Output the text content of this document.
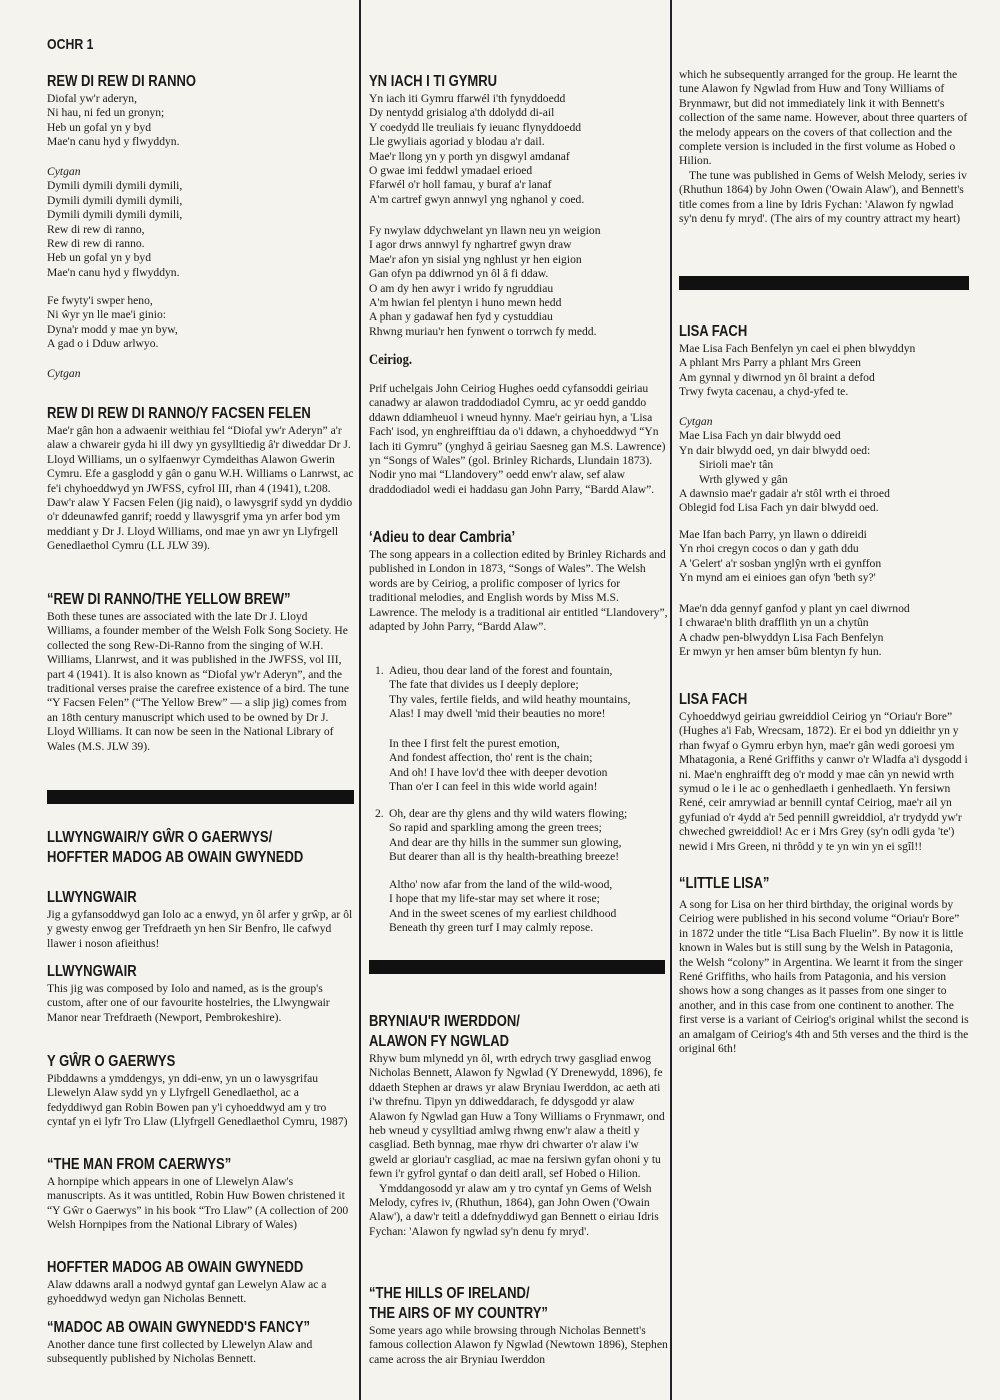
OCHR 1
REW DI REW DI RANNO
Diofal yw'r aderyn,
Ni hau, ni fed un gronyn;
Heb un gofal yn y byd
Mae'n canu hyd y flwyddyn.
Cytgan
Dymili dymili dymili dymili,
Dymili dymili dymili dymili,
Dymili dymili dymili dymili,
Rew di rew di ranno,
Rew di rew di ranno.
Heb un gofal yn y byd
Mae'n canu hyd y flwyddyn.
Fe fwyty'i swper heno,
Ni ŵyr yn lle mae'i ginio:
Dyna'r modd y mae yn byw,
A gad o i Dduw arlwyo.
Cytgan
REW DI REW DI RANNO/Y FACSEN FELEN

Mae'r gân hon a adwaenir weithiau fel “Diofal yw'r Aderyn” a'r alaw a chwareir gyda hi ill dwy yn gysylltiedig â'r diweddar Dr J. Lloyd Williams, un o sylfaenwyr Cymdeithas Alawon Gwerin Cymru. Efe a gasglodd y gân o ganu W.H. Williams o Lanrwst, ac fe'i chyhoeddwyd yn JWFSS, cyfrol III, rhan 4 (1941), t.208. Daw'r alaw Y Facsen Felen (jig naid), o lawysgrif sydd yn dyddio o'r ddeunawfed ganrif; roedd y llawysgrif yma yn arfer bod ym meddiant y Dr J. Lloyd Williams, ond mae yn awr yn Llyfrgell Genedlaethol Cymru (LL JLW 39).

“REW DI RANNO/THE YELLOW BREW”

Both these tunes are associated with the late Dr J. Lloyd Williams, a founder member of the Welsh Folk Song Society. He collected the song Rew-Di-Ranno from the singing of W.H. Williams, Llanrwst, and it was published in the JWFSS, vol III, part 4 (1941). It is also known as “Diofal yw'r Aderyn”, and the traditional verses praise the carefree existence of a bird. The tune “Y Facsen Felen” (“The Yellow Brew” — a slip jig) comes from an 18th century manuscript which used to be owned by Dr J. Lloyd Williams. It can now be seen in the National Library of Wales (M.S. JLW 39).

LLWYNGWAIR/Y GŴR O GAERWYS/
HOFFTER MADOG AB OWAIN GWYNEDD
LLWYNGWAIR

Jig a gyfansoddwyd gan Iolo ac a enwyd, yn ôl arfer y grŵp, ar ôl y gwesty enwog ger Trefdraeth yn hen Sir Benfro, lle cafwyd llawer i noson afieithus!

LLWYNGWAIR

This jig was composed by Iolo and named, as is the group's custom, after one of our favourite hostelries, the Llwyngwair Manor near Trefdraeth (Newport, Pembrokeshire).

Y GŴR O GAERWYS

Pibddawns a ymddengys, yn ddi-enw, yn un o lawysgrifau Llewelyn Alaw sydd yn y Llyfrgell Genedlaethol, ac a fedyddiwyd gan Robin Bowen pan y'i cyhoeddwyd am y tro cyntaf yn ei lyfr Tro Llaw (Llyfrgell Genedlaethol Cymru, 1987)

“THE MAN FROM CAERWYS”

A hornpipe which appears in one of Llewelyn Alaw's manuscripts. As it was untitled, Robin Huw Bowen christened it “Y Gŵr o Gaerwys” in his book “Tro Llaw” (A collection of 200 Welsh Hornpipes from the National Library of Wales)

HOFFTER MADOG AB OWAIN GWYNEDD

Alaw ddawns arall a nodwyd gyntaf gan Lewelyn Alaw ac a gyhoeddwyd wedyn gan Nicholas Bennett.

“MADOC AB OWAIN GWYNEDD'S FANCY”

Another dance tune first collected by Llewelyn Alaw and subsequently published by Nicholas Bennett.

YN IACH I TI GYMRU
Yn iach iti Gymru ffarwél i'th fynyddoedd
Dy nentydd grisialog a'th ddolydd di-ail
Y coedydd lle treuliais fy ieuanc flynyddoedd
Lle gwyliais agoriad y blodau a'r dail.
Mae'r llong yn y porth yn disgwyl amdanaf
O gwae imi feddwl ymadael erioed
Ffarwél o'r holl famau, y buraf a'r lanaf
A'm cartref gwyn annwyl yng nghanol y coed.
Fy nwylaw ddychwelant yn llawn neu yn weigion
I agor drws annwyl fy nghartref gwyn draw
Mae'r afon yn sisial yng nghlust yr hen eigion
Gan ofyn pa ddiwrnod yn ôl â fi ddaw.
O am dy hen awyr i wrido fy ngruddiau
A'm hwian fel plentyn i huno mewn hedd
A phan y gadawaf hen fyd y cystuddiau
Rhwng muriau'r hen fynwent o torrwch fy medd.
Ceiriog.

Prif uchelgais John Ceiriog Hughes oedd cyfansoddi geiriau canadwy ar alawon traddodiadol Cymru, ac yr oedd ganddo ddawn ddiamheuol i wneud hynny. Mae'r geiriau hyn, a 'Lisa Fach' isod, yn enghreifftiau da o'i ddawn, a chyhoeddwyd “Yn Iach iti Gymru” (ynghyd â geiriau Saesneg gan M.S. Lawrence) yn “Songs of Wales” (gol. Brinley Richards, Llundain 1873). Nodir yno mai “Llandovery” oedd enw'r alaw, sef alaw draddodiadol wedi ei haddasu gan John Parry, “Bardd Alaw”.

‘Adieu to dear Cambria’

The song appears in a collection edited by Brinley Richards and published in London in 1873, “Songs of Wales”. The Welsh words are by Ceiriog, a prolific composer of lyrics for traditional melodies, and English words by Miss M.S. Lawrence. The melody is a traditional air entitled “Llandovery”, adapted by John Parry, “Bardd Alaw”.

1. Adieu, thou dear land of the forest and fountain,
The fate that divides us I deeply deplore;
Thy vales, fertile fields, and wild heathy mountains,
Alas! I may dwell 'mid their beauties no more!
In thee I first felt the purest emotion,
And fondest affection, tho' rent is the chain;
And oh! I have lov'd thee with deeper devotion
Than o'er I can feel in this wide world again!
2. Oh, dear are thy glens and thy wild waters flowing;
So rapid and sparkling among the green trees;
And dear are thy hills in the summer sun glowing,
But dearer than all is thy health-breathing breeze!
Altho' now afar from the land of the wild-wood,
I hope that my life-star may set where it rose;
And in the sweet scenes of my earliest childhood
Beneath thy green turf I may calmly repose.
BRYNIAU'R IWERDDON/
ALAWON FY NGWLAD

Rhyw bum mlynedd yn ôl, wrth edrych trwy gasgliad enwog Nicholas Bennett, Alawon fy Ngwlad (Y Drenewydd, 1896), fe ddaeth Stephen ar draws yr alaw Bryniau Iwerddon, ac aeth ati i'w threfnu. Tipyn yn ddiweddarach, fe ddysgodd yr alaw Alawon fy Ngwlad gan Huw a Tony Williams o Frynmawr, ond heb wneud y cysylltiad amlwg rhwng enw'r alaw a theitl y casgliad. Beth bynnag, mae rhyw dri chwarter o'r alaw i'w gweld ar gloriau'r casgliad, ac mae na fersiwn gyfan ohoni y tu fewn i'r gyfrol gyntaf o dan deitl arall, sef Hobed o Hilion.

Ymddangosodd yr alaw am y tro cyntaf yn Gems of Welsh Melody, cyfres iv, (Rhuthun, 1864), gan John Owen ('Owain Alaw'), a daw'r teitl a ddefnyddiwyd gan Bennett o eiriau Idris Fychan: 'Alawon fy ngwlad sy'n denu fy mryd'.

“THE HILLS OF IRELAND/
THE AIRS OF MY COUNTRY”

Some years ago while browsing through Nicholas Bennett's famous collection Alawon fy Ngwlad (Newtown 1896), Stephen came across the air Bryniau Iwerddon

which he subsequently arranged for the group. He learnt the tune Alawon fy Ngwlad from Huw and Tony Williams of Brynmawr, but did not immediately link it with Bennett's collection of the same name. However, about three quarters of the melody appears on the covers of that collection and the complete version is included in the first volume as Hobed o Hilion.

The tune was published in Gems of Welsh Melody, series iv (Rhuthun 1864) by John Owen ('Owain Alaw'), and Bennett's title comes from a line by Idris Fychan: 'Alawon fy ngwlad sy'n denu fy mryd'. (The airs of my country attract my heart)

LISA FACH
Mae Lisa Fach Benfelyn yn cael ei phen blwyddyn
A phlant Mrs Parry a phlant Mrs Green
Am gynnal y diwrnod yn ôl braint a defod
Trwy fwyta cacenau, a chyd-yfed te.
Cytgan
Mae Lisa Fach yn dair blwydd oed
Yn dair blwydd oed, yn dair blwydd oed:
Sirioli mae'r tân
Wrth glywed y gân
A dawnsio mae'r gadair a'r stôl wrth ei throed
Oblegid fod Lisa Fach yn dair blwydd oed.
Mae Ifan bach Parry, yn llawn o ddireidi
Yn rhoi cregyn cocos o dan y gath ddu
A 'Gelert' a'r sosban ynglŷn wrth ei gynffon
Yn mynd am ei einioes gan ofyn 'beth sy?'
Mae'n dda gennyf ganfod y plant yn cael diwrnod
I chwarae'n blith drafflith yn un a chytûn
A chadw pen-blwyddyn Lisa Fach Benfelyn
Er mwyn yr hen amser bûm blentyn fy hun.
LISA FACH

Cyhoeddwyd geiriau gwreiddiol Ceiriog yn “Oriau'r Bore” (Hughes a'i Fab, Wrecsam, 1872). Er ei bod yn ddieithr yn y rhan fwyaf o Gymru erbyn hyn, mae'r gân wedi goroesi ym Mhatagonia, a René Griffiths y canwr o'r Wladfa a'i dysgodd i ni. Mae'n enghraifft deg o'r modd y mae cân yn newid wrth symud o le i le ac o genhedlaeth i genhedlaeth. Yn fersiwn René, ceir amrywiad ar bennill cyntaf Ceiriog, mae'r ail yn gyfuniad o'r 4ydd a'r 5ed pennill gwreiddiol, a'r trydydd yw'r chweched gwreiddiol! Ac er i Mrs Grey (sy'n odli gyda 'te') newid i Mrs Green, ni thrôdd y te yn win yn ei sgîl!!

“LITTLE LISA”

A song for Lisa on her third birthday, the original words by Ceiriog were published in his second volume “Oriau'r Bore” in 1872 under the title “Lisa Bach Fluelin”. By now it is little known in Wales but is still sung by the Welsh in Patagonia, the Welsh “colony” in Argentina. We learnt it from the singer René Griffiths, who hails from Patagonia, and his version shows how a song changes as it passes from one singer to another, and in this case from one continent to another. The first verse is a variant of Ceiriog's original whilst the second is an amalgam of Ceiriog's 4th and 5th verses and the third is the original 6th!
